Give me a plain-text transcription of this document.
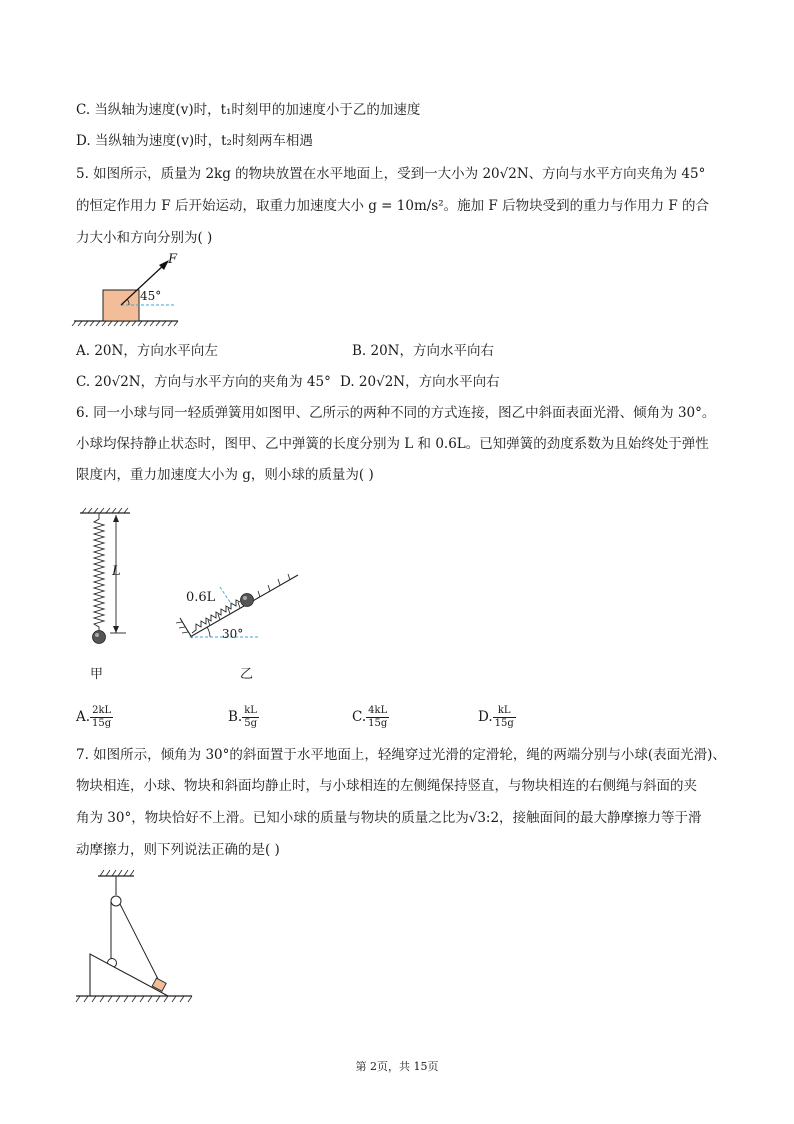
C. 当纵轴为速度(v)时，t₁时刻甲的加速度小于乙的加速度
D. 当纵轴为速度(v)时，t₂时刻两车相遇
5. 如图所示，质量为 2kg 的物块放置在水平地面上，受到一大小为 20√2N、方向与水平方向夹角为 45°
的恒定作用力 F 后开始运动，取重力加速度大小 g = 10m/s²。施加 F 后物块受到的重力与作用力 F 的合
力大小和方向分别为( )
F
45°
A. 20N，方向水平向左	B. 20N，方向水平向右
C. 20√2N，方向与水平方向的夹角为 45° D. 20√2N，方向水平向右
6. 同一小球与同一轻质弹簧用如图甲、乙所示的两种不同的方式连接，图乙中斜面表面光滑、倾角为 30°。
小球均保持静止状态时，图甲、乙中弹簧的长度分别为 L 和 0.6L。已知弹簧的劲度系数为且始终处于弹性
限度内，重力加速度大小为 g，则小球的质量为( )
L
0.6L
30°
甲	乙
A. $\frac{2kL}{15g}$	B. $\frac{kL}{5g}$	C. $\frac{4kL}{15g}$	D. $\frac{kL}{15g}$
7. 如图所示，倾角为 30°的斜面置于水平地面上，轻绳穿过光滑的定滑轮，绳的两端分别与小球(表面光滑)、
物块相连，小球、物块和斜面均静止时，与小球相连的左侧绳保持竖直，与物块相连的右侧绳与斜面的夹
角为 30°，物块恰好不上滑。已知小球的质量与物块的质量之比为√3:2，接触面间的最大静摩擦力等于滑
动摩擦力，则下列说法正确的是( )
第 2页，共 15页
